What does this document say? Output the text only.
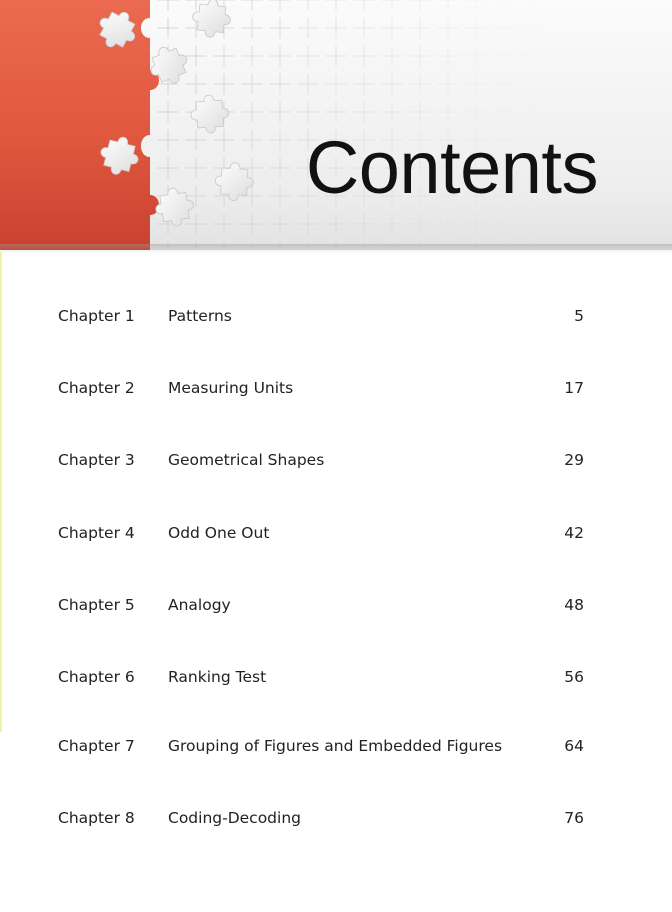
Contents
Chapter 1 Patterns	5
Chapter 2 Measuring Units	17
Chapter 3 Geometrical Shapes	29
Chapter 4 Odd One Out	42
Chapter 5 Analogy	48
Chapter 6 Ranking Test	56
Chapter 7 Grouping of Figures and Embedded Figures	64
Chapter 8 Coding-Decoding	76
